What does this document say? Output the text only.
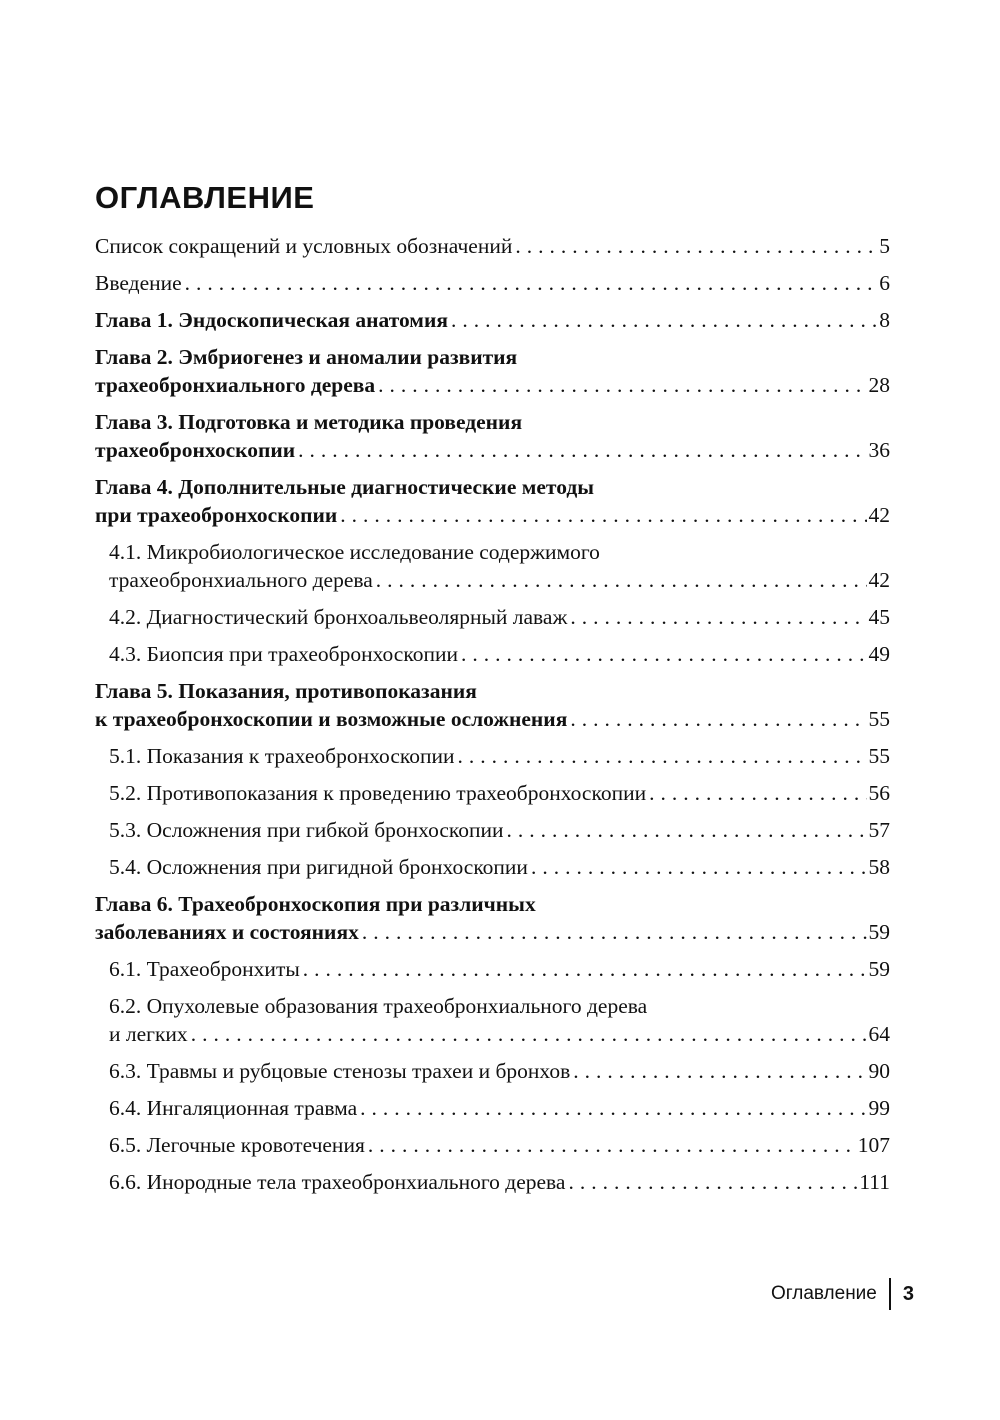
ОГЛАВЛЕНИЕ
Список сокращений и условных обозначений .....	5
Введение .....	6
Глава 1. Эндоскопическая анатомия .....	8
Глава 2. Эмбриогенез и аномалии развития
трахеобронхиального дерева .....	28
Глава 3. Подготовка и методика проведения
трахеобронхоскопии .....	36
Глава 4. Дополнительные диагностические методы
при трахеобронхоскопии .....	42
4.1. Микробиологическое исследование содержимого
трахеобронхиального дерева .....	42
4.2. Диагностический бронхоальвеолярный лаваж .....	45
4.3. Биопсия при трахеобронхоскопии .....	49
Глава 5. Показания, противопоказания
к трахеобронхоскопии и возможные осложнения .....	55
5.1. Показания к трахеобронхоскопии .....	55
5.2. Противопоказания к проведению трахеобронхоскопии .....	56
5.3. Осложнения при гибкой бронхоскопии .....	57
5.4. Осложнения при ригидной бронхоскопии .....	58
Глава 6. Трахеобронхоскопия при различных
заболеваниях и состояниях .....	59
6.1. Трахеобронхиты .....	59
6.2. Опухолевые образования трахеобронхиального дерева
и легких .....	64
6.3. Травмы и рубцовые стенозы трахеи и бронхов .....	90
6.4. Ингаляционная травма .....	99
6.5. Легочные кровотечения .....	107
6.6. Инородные тела трахеобронхиального дерева .....	111
Оглавление 3
